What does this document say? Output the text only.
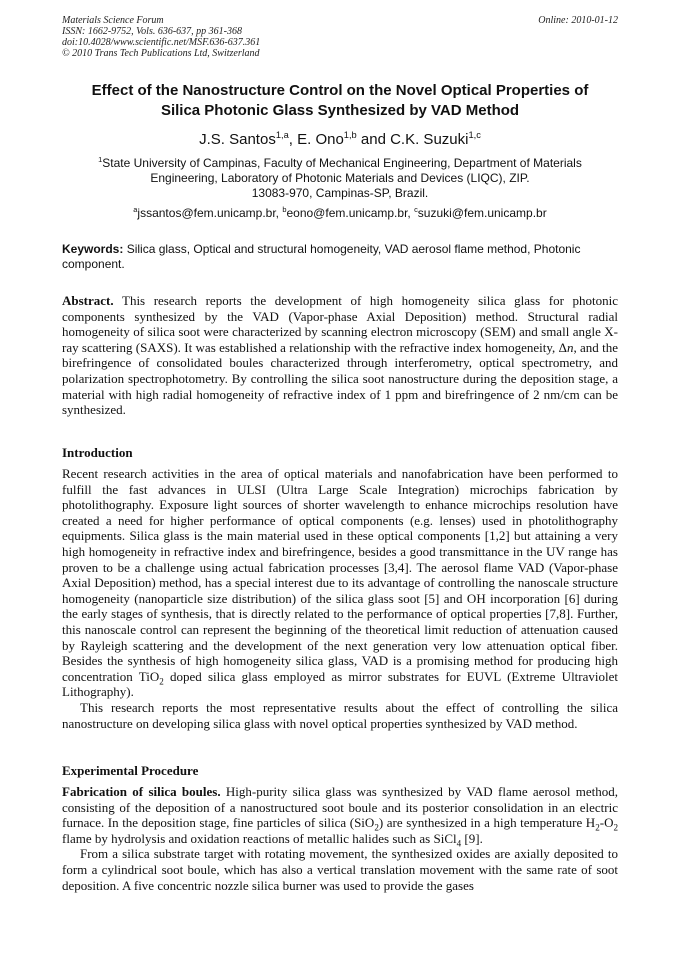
Materials Science Forum
ISSN: 1662-9752, Vols. 636-637, pp 361-368
doi:10.4028/www.scientific.net/MSF.636-637.361
© 2010 Trans Tech Publications Ltd, Switzerland
Online: 2010-01-12
Effect of the Nanostructure Control on the Novel Optical Properties of
Silica Photonic Glass Synthesized by VAD Method
J.S. Santos$^{1,a}$, E. Ono$^{1,b}$ and C.K. Suzuki$^{1,c}$
$^1$State University of Campinas, Faculty of Mechanical Engineering, Department of Materials
Engineering, Laboratory of Photonic Materials and Devices (LIQC), ZIP.
13083-970, Campinas-SP, Brazil.
$^a$jssantos@fem.unicamp.br, $^b$eono@fem.unicamp.br, $^c$suzuki@fem.unicamp.br
Keywords: Silica glass, Optical and structural homogeneity, VAD aerosol flame method, Photonic component.

Abstract. This research reports the development of high homogeneity silica glass for photonic components synthesized by the VAD (Vapor-phase Axial Deposition) method. Structural radial homogeneity of silica soot were characterized by scanning electron microscopy (SEM) and small angle X-ray scattering (SAXS). It was established a relationship with the refractive index homogeneity, Δn, and the birefringence of consolidated boules characterized through interferometry, optical spectrometry, and polarization spectrophotometry. By controlling the silica soot nanostructure during the deposition stage, a material with high radial homogeneity of refractive index of 1 ppm and birefringence of 2 nm/cm can be synthesized.

Introduction

Recent research activities in the area of optical materials and nanofabrication have been performed to fulfill the fast advances in ULSI (Ultra Large Scale Integration) microchips fabrication by photolithography. Exposure light sources of shorter wavelength to enhance microchips resolution have created a need for higher performance of optical components (e.g. lenses) used in photolithography equipments. Silica glass is the main material used in these optical components [1,2] but attaining a very high homogeneity in refractive index and birefringence, besides a good transmittance in the UV range has proven to be a challenge using actual fabrication processes [3,4]. The aerosol flame VAD (Vapor-phase Axial Deposition) method, has a special interest due to its advantage of controlling the nanoscale structure homogeneity (nanoparticle size distribution) of the silica glass soot [5] and OH incorporation [6] during the early stages of synthesis, that is directly related to the performance of optical properties [7,8]. Further, this nanoscale control can represent the beginning of the theoretical limit reduction of attenuation caused by Rayleigh scattering and the development of the next generation very low attenuation optical fiber. Besides the synthesis of high homogeneity silica glass, VAD is a promising method for producing high concentration TiO$_2$ doped silica glass employed as mirror substrates for EUVL (Extreme Ultraviolet Lithography).

This research reports the most representative results about the effect of controlling the silica nanostructure on developing silica glass with novel optical properties synthesized by VAD method.

Experimental Procedure

Fabrication of silica boules. High-purity silica glass was synthesized by VAD flame aerosol method, consisting of the deposition of a nanostructured soot boule and its posterior consolidation in an electric furnace. In the deposition stage, fine particles of silica (SiO$_2$) are synthesized in a high temperature $H_2-O_2$ flame by hydrolysis and oxidation reactions of metallic halides such as SiCl$_4$ [9].

From a silica substrate target with rotating movement, the synthesized oxides are axially deposited to form a cylindrical soot boule, which has also a vertical translation movement with the same rate of soot deposition. A five concentric nozzle silica burner was used to provide the gases
